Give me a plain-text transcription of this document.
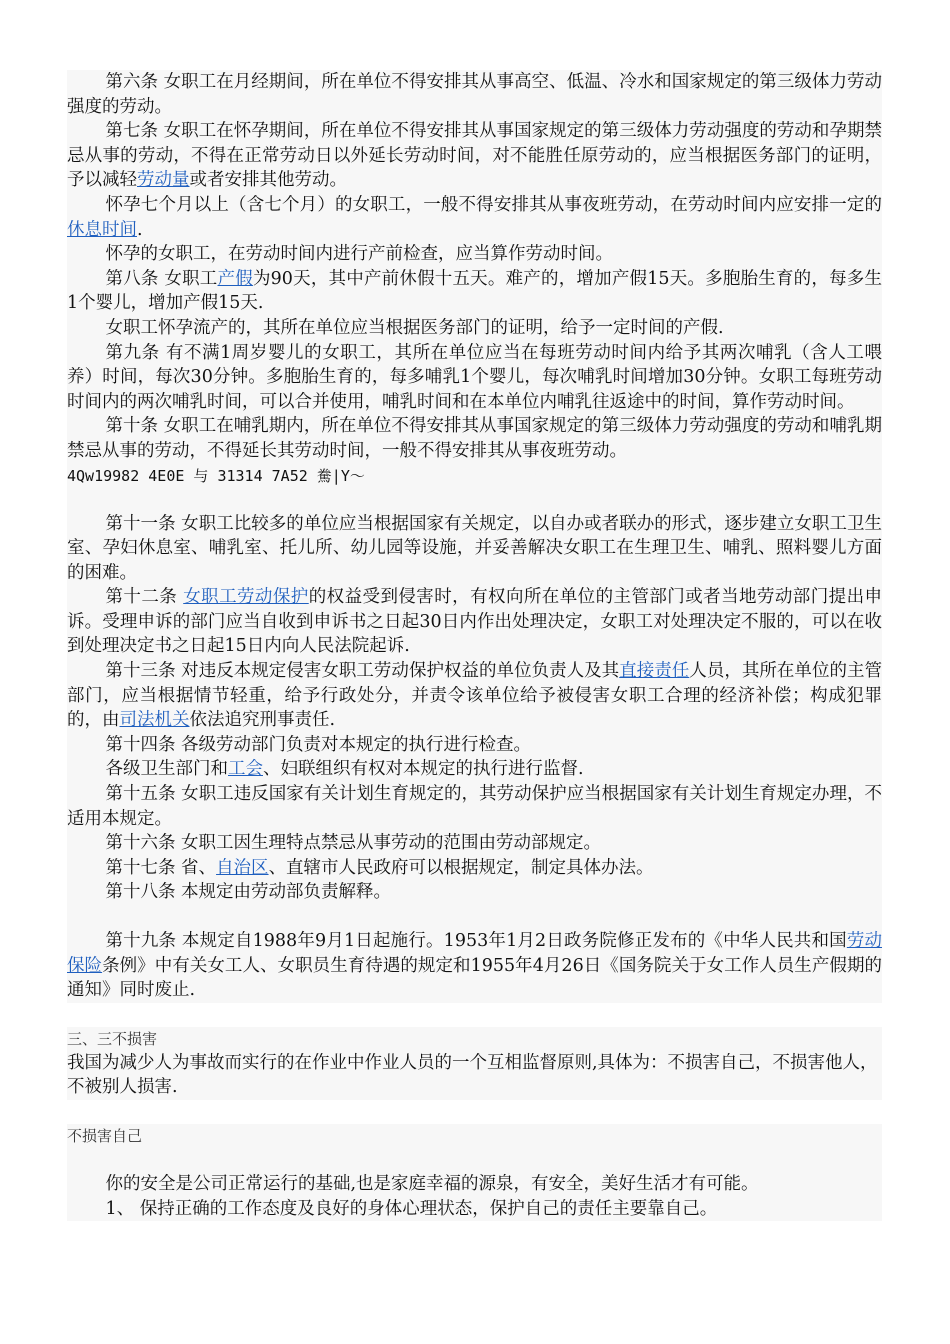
第六条 女职工在月经期间，所在单位不得安排其从事高空、低温、冷水和国家规定的第三级体力劳动强度的劳动。

第七条 女职工在怀孕期间，所在单位不得安排其从事国家规定的第三级体力劳动强度的劳动和孕期禁忌从事的劳动，不得在正常劳动日以外延长劳动时间，对不能胜任原劳动的，应当根据医务部门的证明，予以减轻劳动量或者安排其他劳动。

怀孕七个月以上（含七个月）的女职工，一般不得安排其从事夜班劳动，在劳动时间内应安排一定的休息时间.

怀孕的女职工，在劳动时间内进行产前检查，应当算作劳动时间。

第八条 女职工产假为90天，其中产前休假十五天。难产的，增加产假15天。多胞胎生育的，每多生1个婴儿，增加产假15天.

女职工怀孕流产的，其所在单位应当根据医务部门的证明，给予一定时间的产假.

第九条 有不满1周岁婴儿的女职工，其所在单位应当在每班劳动时间内给予其两次哺乳（含人工喂养）时间，每次30分钟。多胞胎生育的，每多哺乳1个婴儿，每次哺乳时间增加30分钟。女职工每班劳动时间内的两次哺乳时间，可以合并使用，哺乳时间和在本单位内哺乳往返途中的时间，算作劳动时间。

第十条 女职工在哺乳期内，所在单位不得安排其从事国家规定的第三级体力劳动强度的劳动和哺乳期禁忌从事的劳动，不得延长其劳动时间，一般不得安排其从事夜班劳动。

4Qw19982 4E0E 与 31314 7A52 駦|Y～

第十一条 女职工比较多的单位应当根据国家有关规定，以自办或者联办的形式，逐步建立女职工卫生室、孕妇休息室、哺乳室、托儿所、幼儿园等设施，并妥善解决女职工在生理卫生、哺乳、照料婴儿方面的困难。

第十二条 女职工劳动保护的权益受到侵害时，有权向所在单位的主管部门或者当地劳动部门提出申诉。受理申诉的部门应当自收到申诉书之日起30日内作出处理决定，女职工对处理决定不服的，可以在收到处理决定书之日起15日内向人民法院起诉.

第十三条 对违反本规定侵害女职工劳动保护权益的单位负责人及其直接责任人员，其所在单位的主管部门，应当根据情节轻重，给予行政处分，并责令该单位给予被侵害女职工合理的经济补偿；构成犯罪的，由司法机关依法追究刑事责任.

第十四条 各级劳动部门负责对本规定的执行进行检查。

各级卫生部门和工会、妇联组织有权对本规定的执行进行监督.

第十五条 女职工违反国家有关计划生育规定的，其劳动保护应当根据国家有关计划生育规定办理，不适用本规定。

第十六条 女职工因生理特点禁忌从事劳动的范围由劳动部规定。

第十七条 省、自治区、直辖市人民政府可以根据规定，制定具体办法。

第十八条 本规定由劳动部负责解释。

第十九条 本规定自1988年9月1日起施行。1953年1月2日政务院修正发布的《中华人民共和国劳动保险条例》中有关女工人、女职员生育待遇的规定和1955年4月26日《国务院关于女工作人员生产假期的通知》同时废止.

三、三不损害

我国为减少人为事故而实行的在作业中作业人员的一个互相监督原则,具体为：不损害自己，不损害他人，不被别人损害.

不损害自己

你的安全是公司正常运行的基础,也是家庭幸福的源泉，有安全，美好生活才有可能。

1、 保持正确的工作态度及良好的身体心理状态，保护自己的责任主要靠自己。
